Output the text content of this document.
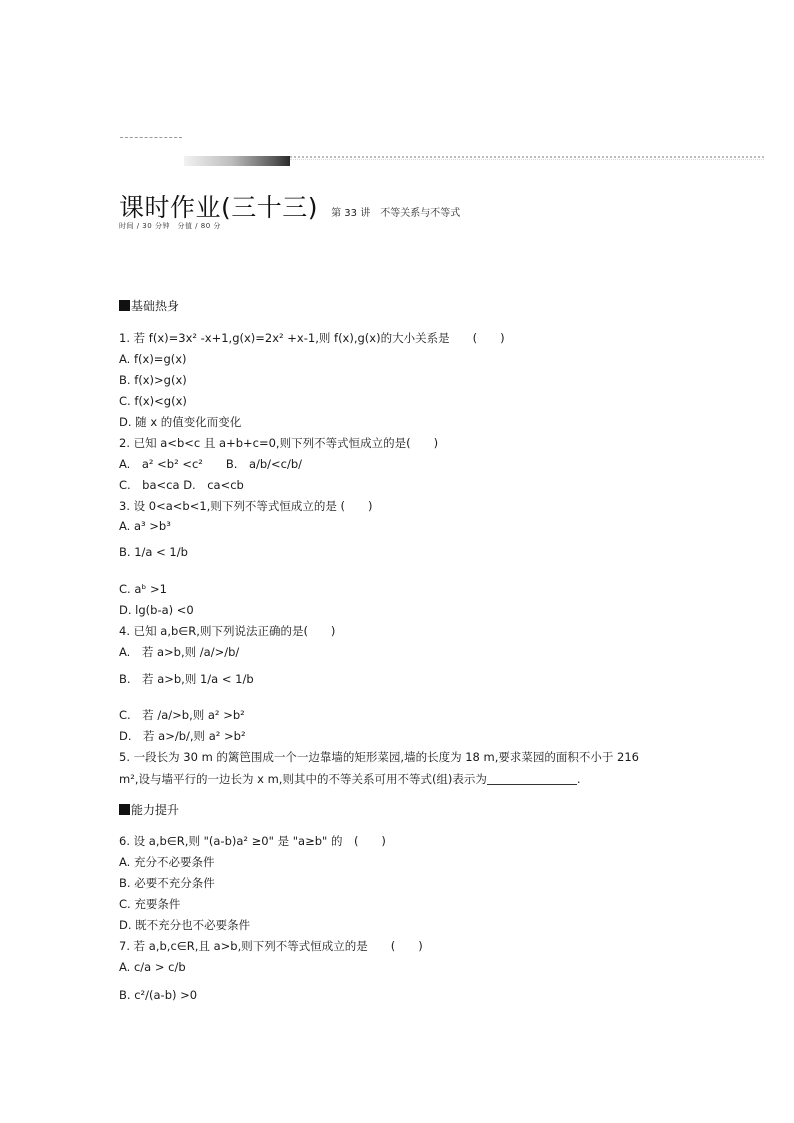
课时作业(三十三) 第 33 讲　不等关系与不等式
时间 / 30 分钟　分值 / 80 分
基础热身
1. 若 f(x)=3x² -x+1,g(x)=2x² +x-1,则 f(x),g(x)的大小关系是　　(　　)
A. f(x)=g(x)
B. f(x)>g(x)
C. f(x)<g(x)
D. 随 x 的值变化而变化
2. 已知 a<b<c 且 a+b+c=0,则下列不等式恒成立的是(　　)
A.　a² <b² <c²　　B.　a/b/<c/b/
C.　ba<ca D.　ca<cb
3. 设 0<a<b<1,则下列不等式恒成立的是 (　　)
A. a³ >b³
B. 1/a < 1/b
C. aᵇ >1
D. lg(b-a) <0
4. 已知 a,b∈R,则下列说法正确的是(　　)
A.　若 a>b,则 /a/>/b/
B.　若 a>b,则 1/a < 1/b
C.　若 /a/>b,则 a² >b²
D.　若 a>/b/,则 a² >b²
5. 一段长为 30 m 的篱笆围成一个一边靠墙的矩形菜园,墙的长度为 18 m,要求菜园的面积不小于 216
m²,设与墙平行的一边长为 x m,则其中的不等关系可用不等式(组)表示为	.
能力提升
6. 设 a,b∈R,则 "(a-b)a² ≥0" 是 "a≥b" 的　(　　)
A. 充分不必要条件
B. 必要不充分条件
C. 充要条件
D. 既不充分也不必要条件
7. 若 a,b,c∈R,且 a>b,则下列不等式恒成立的是　　(　　)
A. c/a > c/b
B. c²/(a-b) >0
